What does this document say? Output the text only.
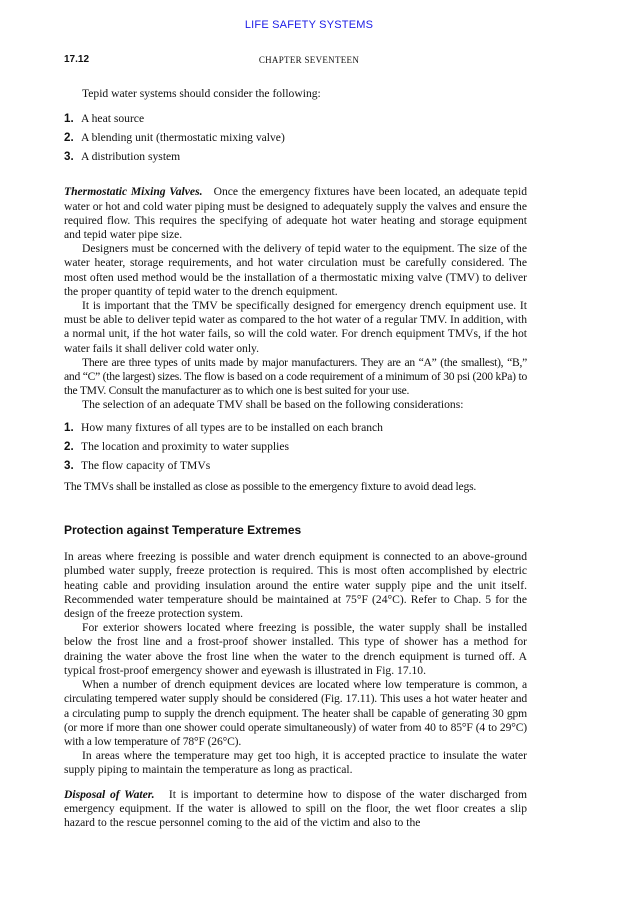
LIFE SAFETY SYSTEMS
17.12	CHAPTER SEVENTEEN

Tepid water systems should consider the following:

1. A heat source
2. A blending unit (thermostatic mixing valve)
3. A distribution system

Thermostatic Mixing Valves. Once the emergency fixtures have been located, an adequate tepid water or hot and cold water piping must be designed to adequately supply the valves and ensure the required flow. This requires the specifying of adequate hot water heating and storage equipment and tepid water pipe size.

Designers must be concerned with the delivery of tepid water to the equipment. The size of the water heater, storage requirements, and hot water circulation must be carefully considered. The most often used method would be the installation of a thermostatic mixing valve (TMV) to deliver the proper quantity of tepid water to the drench equipment.

It is important that the TMV be specifically designed for emergency drench equipment use. It must be able to deliver tepid water as compared to the hot water of a regular TMV. In addition, with a normal unit, if the hot water fails, so will the cold water. For drench equipment TMVs, if the hot water fails it shall deliver cold water only.

There are three types of units made by major manufacturers. They are an “A” (the smallest), “B,” and “C” (the largest) sizes. The flow is based on a code requirement of a minimum of 30 psi (200 kPa) to the TMV. Consult the manufacturer as to which one is best suited for your use.

The selection of an adequate TMV shall be based on the following considerations:

1. How many fixtures of all types are to be installed on each branch
2. The location and proximity to water supplies
3. The flow capacity of TMVs

The TMVs shall be installed as close as possible to the emergency fixture to avoid dead legs.

Protection against Temperature Extremes

In areas where freezing is possible and water drench equipment is connected to an above-ground plumbed water supply, freeze protection is required. This is most often accomplished by electric heating cable and providing insulation around the entire water supply pipe and the unit itself. Recommended water temperature should be maintained at 75°F (24°C). Refer to Chap. 5 for the design of the freeze protection system.

For exterior showers located where freezing is possible, the water supply shall be installed below the frost line and a frost-proof shower installed. This type of shower has a method for draining the water above the frost line when the water to the drench equipment is turned off. A typical frost-proof emergency shower and eyewash is illustrated in Fig. 17.10.

When a number of drench equipment devices are located where low temperature is common, a circulating tempered water supply should be considered (Fig. 17.11). This uses a hot water heater and a circulating pump to supply the drench equipment. The heater shall be capable of generating 30 gpm (or more if more than one shower could operate simultaneously) of water from 40 to 85°F (4 to 29°C) with a low temperature of 78°F (26°C).

In areas where the temperature may get too high, it is accepted practice to insulate the water supply piping to maintain the temperature as long as practical.

Disposal of Water. It is important to determine how to dispose of the water discharged from emergency equipment. If the water is allowed to spill on the floor, the wet floor creates a slip hazard to the rescue personnel coming to the aid of the victim and also to the
